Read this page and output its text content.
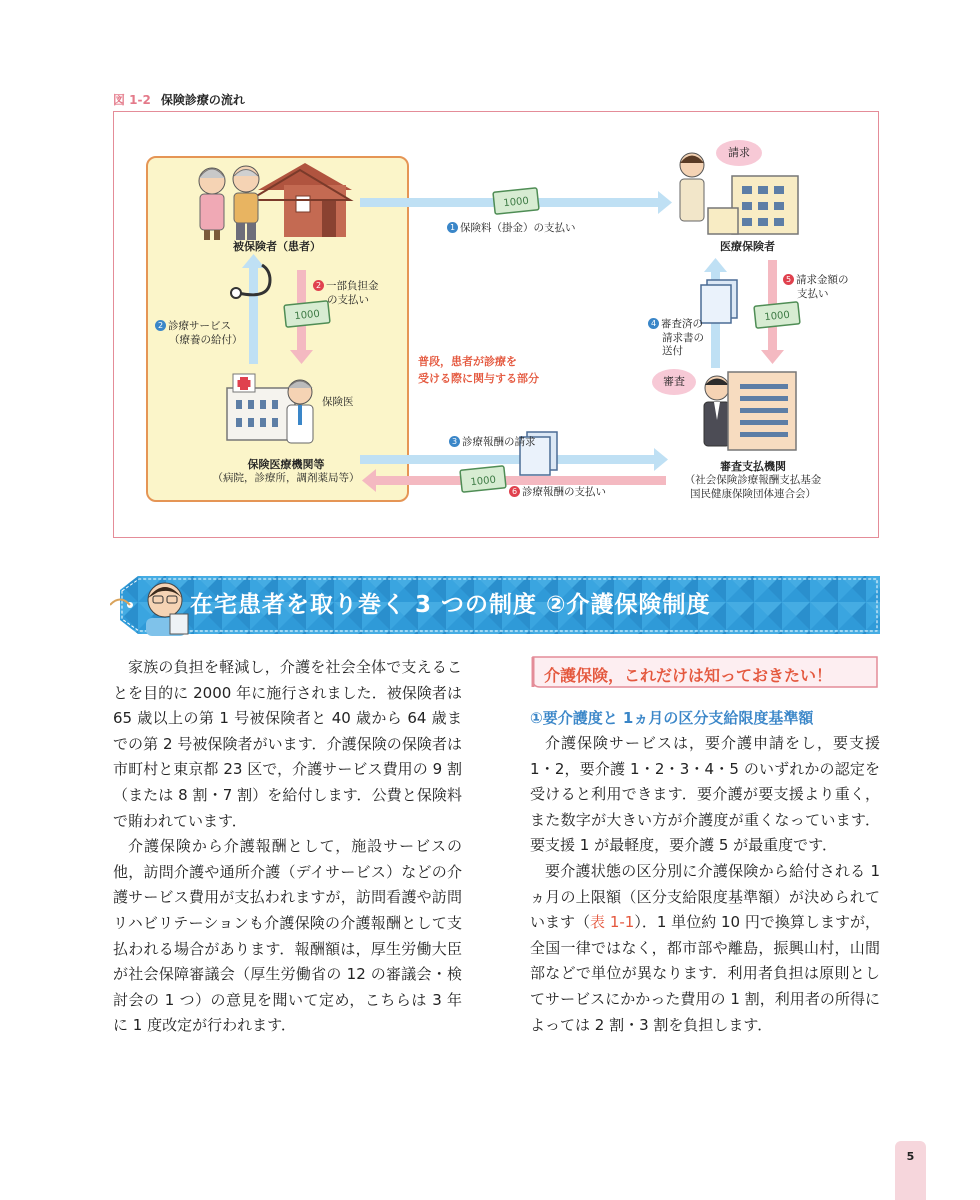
図 1-2 保険診療の流れ
1000
1000	1000
1000
被保険者（患者）	医療保険者
1 保険料（掛金）の支払い
2 一部負担金
の支払い
2 診療サービス
（療養の給付）
4 審査済の
請求書の
送付
5 請求金額の
支払い
普段，患者が診療を
受ける際に関与する部分
保険医
請求
審査
3 診療報酬の請求
6 診療報酬の支払い
保険医療機関等
（病院，診療所，調剤薬局等）
審査支払機関
（社会保険診療報酬支払基金
国民健康保険団体連合会）
在宅患者を取り巻く 3 つの制度 ②介護保険制度

家族の負担を軽減し，介護を社会全体で支えることを目的に 2000 年に施行されました．被保険者は 65 歳以上の第 1 号被保険者と 40 歳から 64 歳までの第 2 号被保険者がいます．介護保険の保険者は市町村と東京都 23 区で，介護サービス費用の 9 割（または 8 割・7 割）を給付します．公費と保険料で賄われています．

介護保険から介護報酬として，施設サービスの他，訪問介護や通所介護（デイサービス）などの介護サービス費用が支払われますが，訪問看護や訪問リハビリテーションも介護保険の介護報酬として支払われる場合があります．報酬額は，厚生労働大臣が社会保障審議会（厚生労働省の 12 の審議会・検討会の 1 つ）の意見を聞いて定め，こちらは 3 年に 1 度改定が行われます．

介護保険，これだけは知っておきたい！

①要介護度と 1ヵ月の区分支給限度基準額

介護保険サービスは，要介護申請をし，要支援 1・2，要介護 1・2・3・4・5 のいずれかの認定を受けると利用できます．要介護が要支援より重く，また数字が大きい方が介護度が重くなっています．要支援 1 が最軽度，要介護 5 が最重度です．

要介護状態の区分別に介護保険から給付される 1ヵ月の上限額（区分支給限度基準額）が決められています（表 1-1）．1 単位約 10 円で換算しますが，全国一律ではなく，都市部や離島，振興山村，山間部などで単位が異なります．利用者負担は原則としてサービスにかかった費用の 1 割，利用者の所得によっては 2 割・3 割を負担します．

5
